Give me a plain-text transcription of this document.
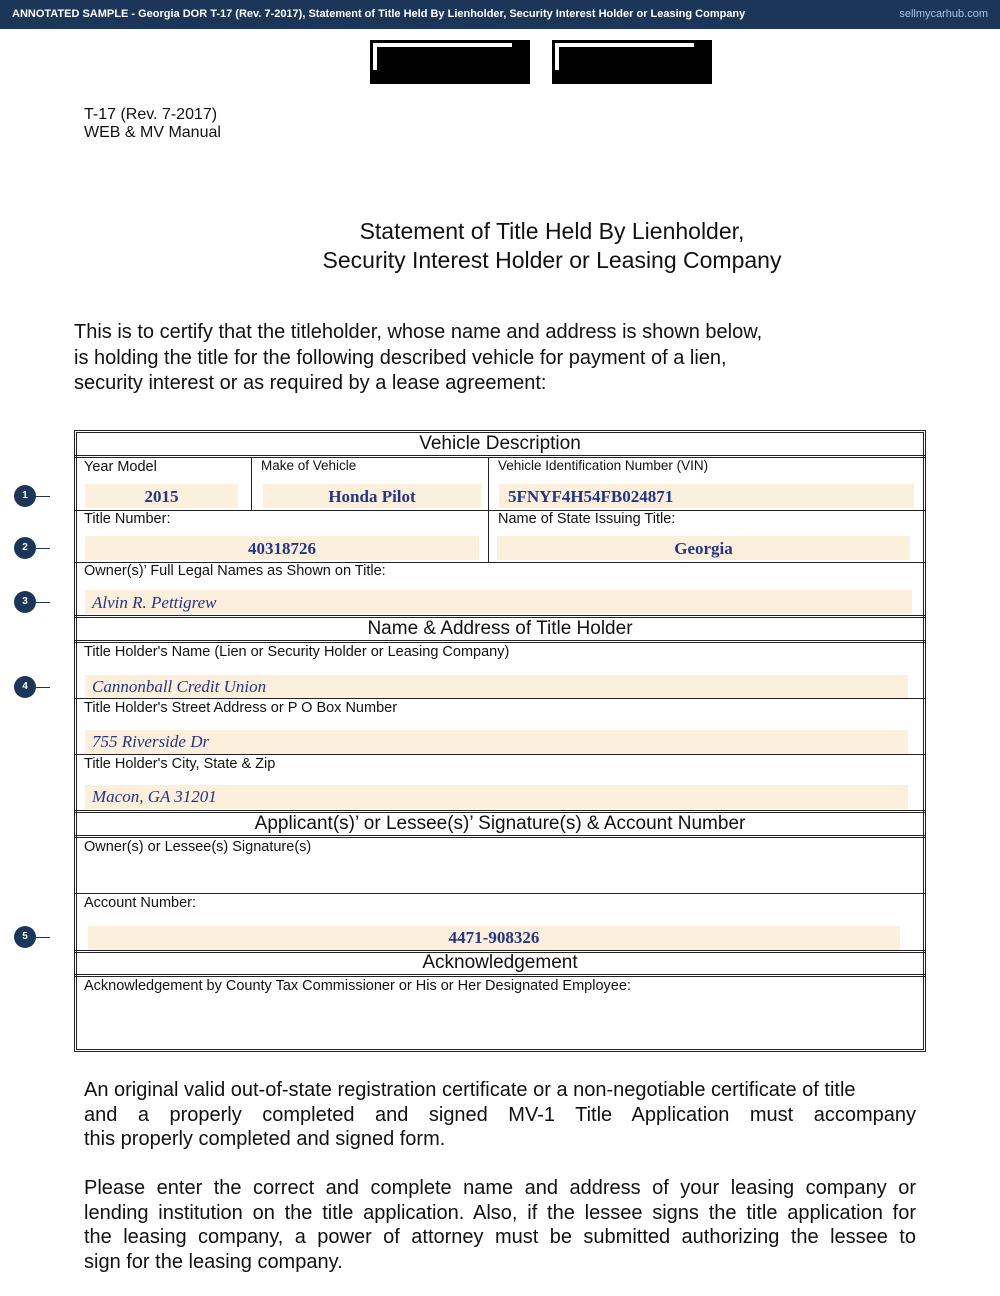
ANNOTATED SAMPLE - Georgia DOR T-17 (Rev. 7-2017), Statement of Title Held By Lienholder, Security Interest Holder or Leasing Company	sellmycarhub.com
T-17 (Rev. 7-2017)
WEB & MV Manual
Statement of Title Held By Lienholder,
Security Interest Holder or Leasing Company
This is to certify that the titleholder, whose name and address is shown below,
is holding the title for the following described vehicle for payment of a lien,
security interest or as required by a lease agreement:
Vehicle Description
Year Model	Make of Vehicle	Vehicle Identification Number (VIN)
2015	Honda Pilot	5FNYF4H54FB024871
Title Number:	Name of State Issuing Title:
40318726	Georgia
Owner(s)’ Full Legal Names as Shown on Title:
Alvin R. Pettigrew
Name & Address of Title Holder
Title Holder's Name (Lien or Security Holder or Leasing Company)
Cannonball Credit Union
Title Holder's Street Address or P O Box Number
755 Riverside Dr
Title Holder's City, State & Zip
Macon, GA 31201
Applicant(s)’ or Lessee(s)’ Signature(s) & Account Number
Owner(s) or Lessee(s) Signature(s)
Account Number:
4471-908326
Acknowledgement
Acknowledgement by County Tax Commissioner or His or Her Designated Employee:
1
2
3
4
5
An original valid out-of-state registration certificate or a non-negotiable certificate of title
and a properly completed and signed MV-1 Title Application must accompany
this properly completed and signed form.
Please enter the correct and complete name and address of your leasing company or
lending institution on the title application. Also, if the lessee signs the title application for
the leasing company, a power of attorney must be submitted authorizing the lessee to
sign for the leasing company.
